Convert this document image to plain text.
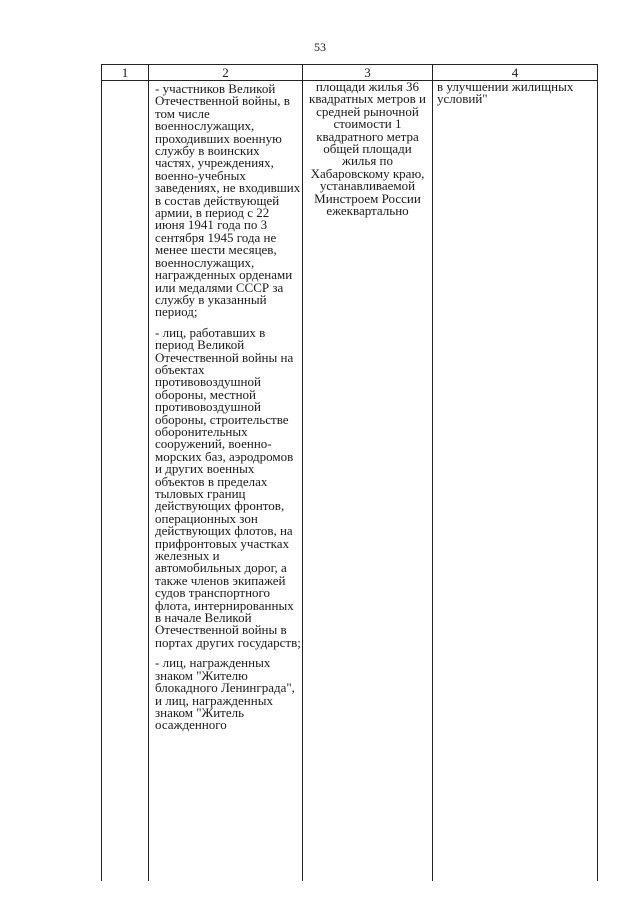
53
1	2	3	4

	- участников Великой Отечественной войны, в том числе военнослужащих, проходивших военную службу в воинских частях, учреждениях, военно-учебных заведениях, не входивших в состав действующей армии, в период с 22 июня 1941 года по 3 сентября 1945 года не менее шести месяцев, военнослужащих, награжденных орденами или медалями СССР за службу в указанный период;
- лиц, работавших в период Великой Отечественной войны на объектах противовоздушной обороны, местной противовоздушной обороны, строительстве оборонительных сооружений, военно-морских баз, аэродромов и других военных объектов в пределах тыловых границ действующих фронтов, операционных зон действующих флотов, на прифронтовых участках железных и автомобильных дорог, а также членов экипажей судов транспортного флота, интернированных в начале Великой Отечественной войны в портах других государств;
- лиц, награжденных знаком "Жителю блокадного Ленинграда", и лиц, награжденных знаком "Житель осажденного	площади жилья 36 квадратных метров и средней рыночной стоимости 1 квадратного метра общей площади жилья по Хабаровскому краю, устанавливаемой Минстроем России ежеквартально	в улучшении жилищных условий"
